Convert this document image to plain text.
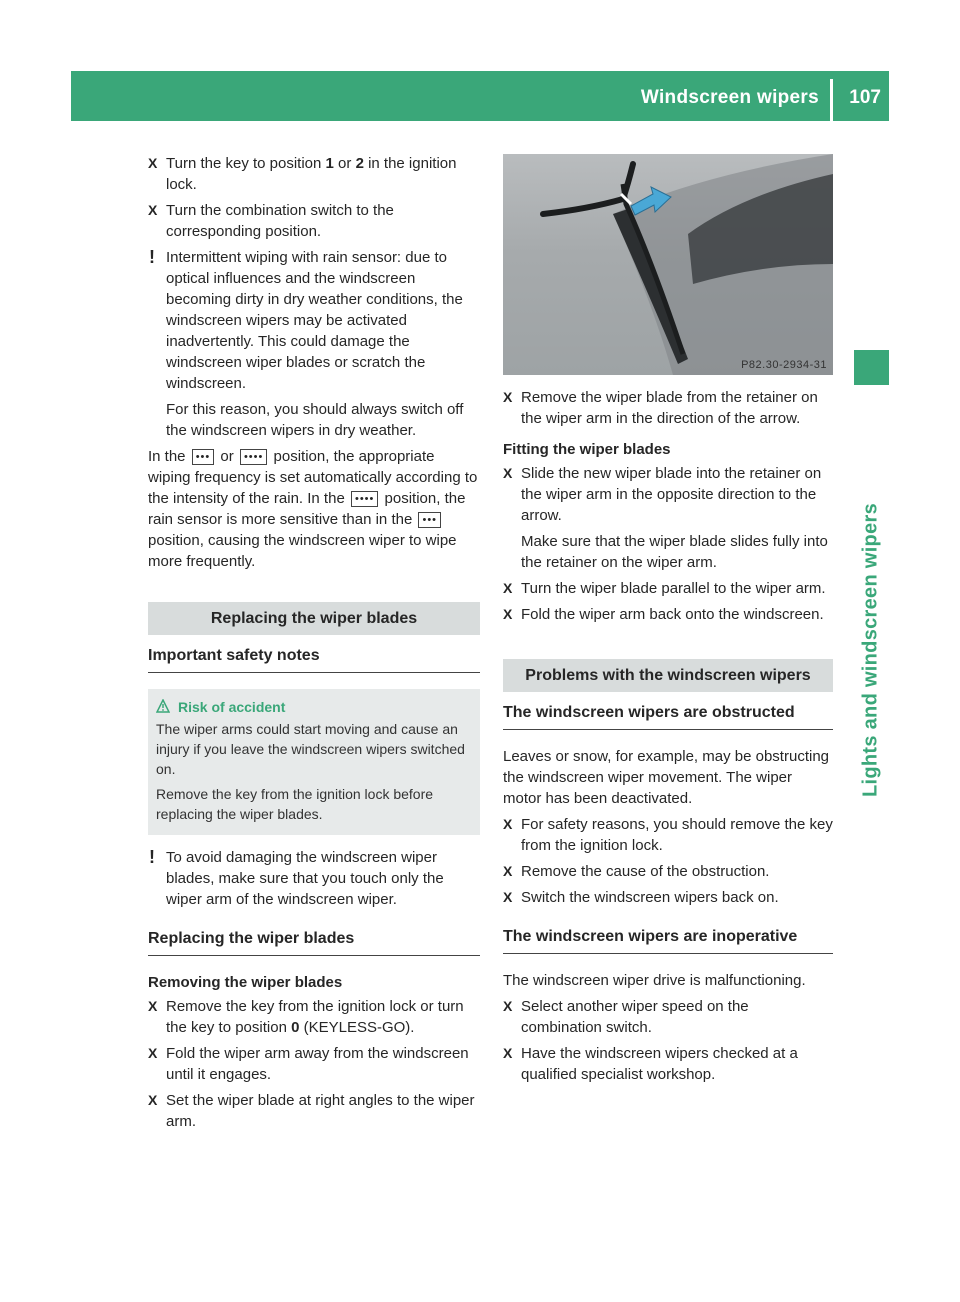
Windscreen wipers 107
Lights and windscreen wipers
P82.30-2934-31
X Turn the key to position 1 or 2 in the ignition lock.
X Turn the combination switch to the corresponding position.
! Intermittent wiping with rain sensor: due to optical influences and the windscreen becoming dirty in dry weather conditions, the windscreen wipers may be activated inadvertently. This could damage the windscreen wiper blades or scratch the windscreen.

For this reason, you should always switch off the windscreen wipers in dry weather.

In the ••• or •••• position, the appropriate wiping frequency is set automatically according to the intensity of the rain. In the •••• position, the rain sensor is more sensitive than in the ••• position, causing the windscreen wiper to wipe more frequently.

Replacing the wiper blades
Important safety notes
Risk of accident

The wiper arms could start moving and cause an injury if you leave the windscreen wipers switched on.

Remove the key from the ignition lock before replacing the wiper blades.

! To avoid damaging the windscreen wiper blades, make sure that you touch only the wiper arm of the windscreen wiper.

Replacing the wiper blades
Removing the wiper blades
X Remove the key from the ignition lock or turn the key to position 0 (KEYLESS-GO).
X Fold the wiper arm away from the windscreen until it engages.
X Set the wiper blade at right angles to the wiper arm.
X Remove the wiper blade from the retainer on the wiper arm in the direction of the arrow.
Fitting the wiper blades
X Slide the new wiper blade into the retainer on the wiper arm in the opposite direction to the arrow.
Make sure that the wiper blade slides fully into the retainer on the wiper arm.
X Turn the wiper blade parallel to the wiper arm.
X Fold the wiper arm back onto the windscreen.
Problems with the windscreen wipers
The windscreen wipers are obstructed

Leaves or snow, for example, may be obstructing the windscreen wiper movement. The wiper motor has been deactivated.

X For safety reasons, you should remove the key from the ignition lock.
X Remove the cause of the obstruction.
X Switch the windscreen wipers back on.
The windscreen wipers are inoperative

The windscreen wiper drive is malfunctioning.

X Select another wiper speed on the combination switch.
X Have the windscreen wipers checked at a qualified specialist workshop.
